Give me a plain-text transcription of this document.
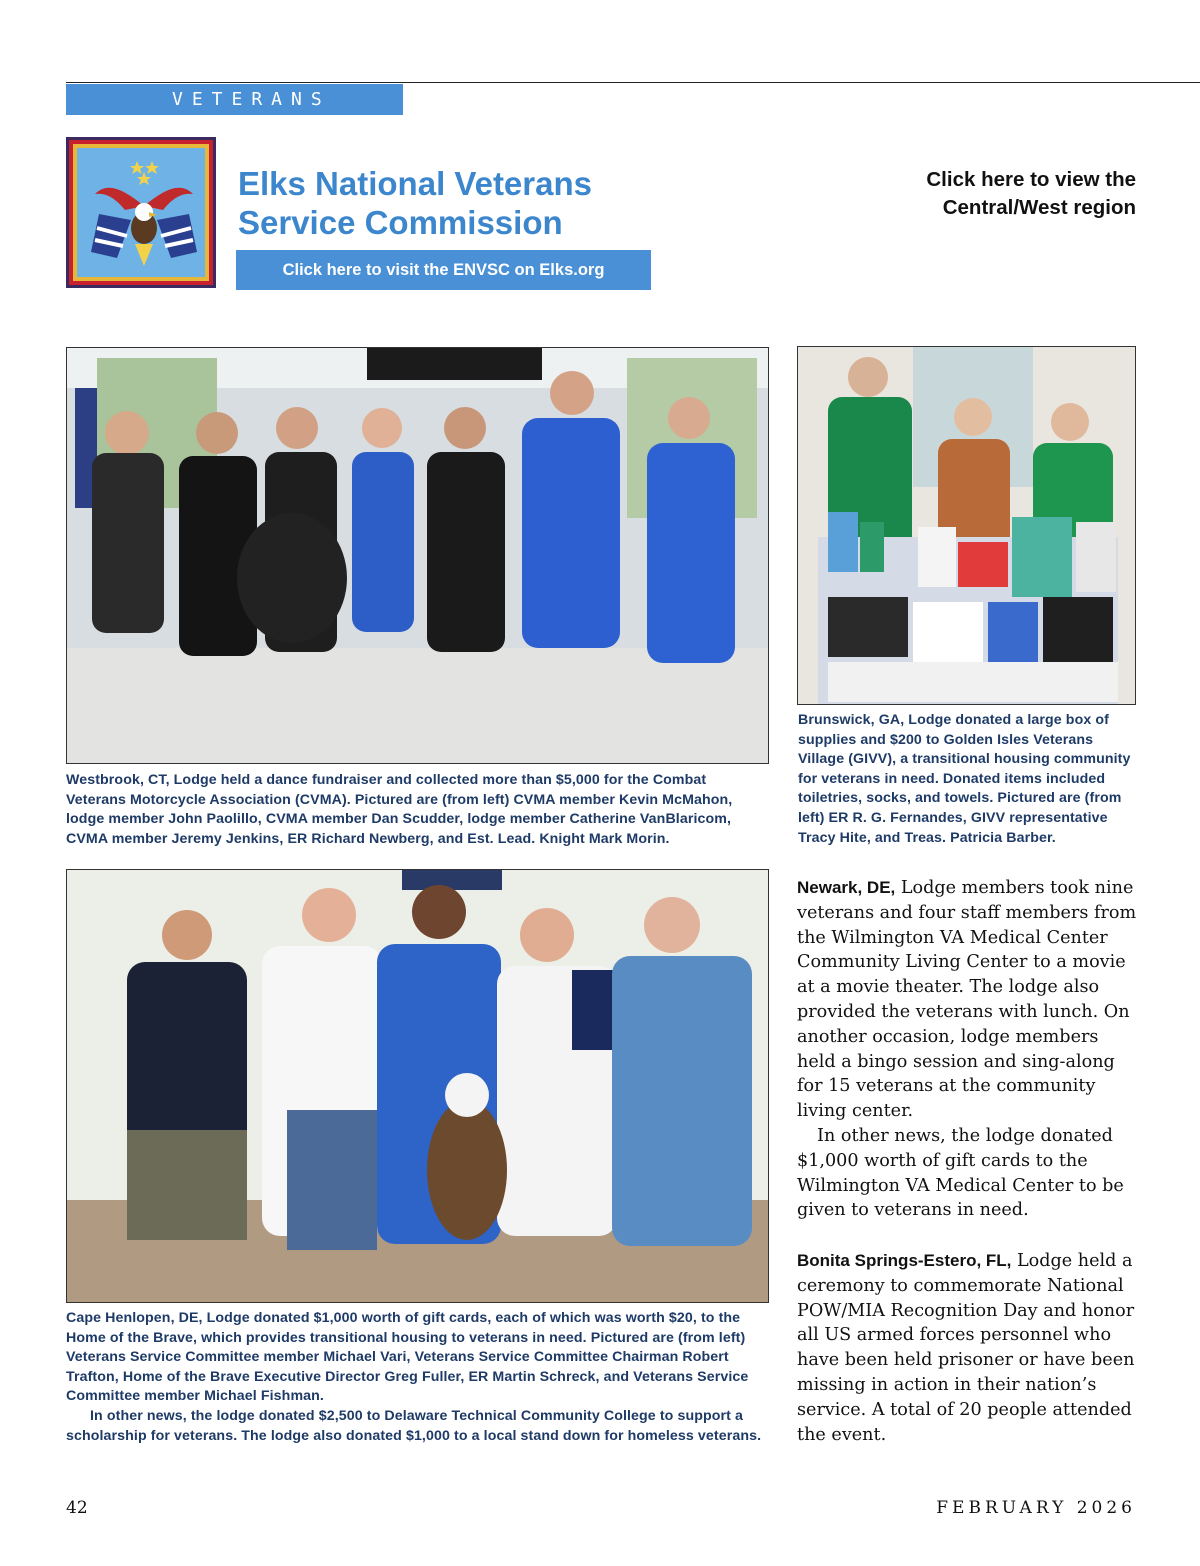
VETERANS
Elks National Veterans
Service Commission
Click here to visit the ENVSC on Elks.org
Click here to view the
Central/West region
Westbrook, CT, Lodge held a dance fundraiser and collected more than $5,000 for the Combat Veterans Motorcycle Association (CVMA). Pictured are (from left) CVMA member Kevin McMahon, lodge member John Paolillo, CVMA member Dan Scudder, lodge member Catherine VanBlaricom, CVMA member Jeremy Jenkins, ER Richard Newberg, and Est. Lead. Knight Mark Morin.
Brunswick, GA, Lodge donated a large box of supplies and $200 to Golden Isles Veterans Village (GIVV), a transitional housing community for veterans in need. Donated items included toiletries, socks, and towels. Pictured are (from left) ER R. G. Fernandes, GIVV representative Tracy Hite, and Treas. Patricia Barber.
Cape Henlopen, DE, Lodge donated $1,000 worth of gift cards, each of which was worth $20, to the Home of the Brave, which provides transitional housing to veterans in need. Pictured are (from left) Veterans Service Committee member Michael Vari, Veterans Service Committee Chairman Robert Trafton, Home of the Brave Executive Director Greg Fuller, ER Martin Schreck, and Veterans Service Committee member Michael Fishman.
In other news, the lodge donated $2,500 to Delaware Technical Community College to support a scholarship for veterans. The lodge also donated $1,000 to a local stand down for homeless veterans.

Newark, DE, Lodge members took nine veterans and four staff members from the Wilmington VA Medical Center Community Living Center to a movie at a movie theater. The lodge also provided the veterans with lunch. On another occasion, lodge members held a bingo session and sing-along for 15 veterans at the community living center.

In other news, the lodge donated $1,000 worth of gift cards to the Wilmington VA Medical Center to be given to veterans in need.

Bonita Springs-Estero, FL, Lodge held a ceremony to commemorate National POW/MIA Recognition Day and honor all US armed forces personnel who have been held prisoner or have been missing in action in their nation’s service. A total of 20 people attended the event.

42	FEBRUARY 2026
